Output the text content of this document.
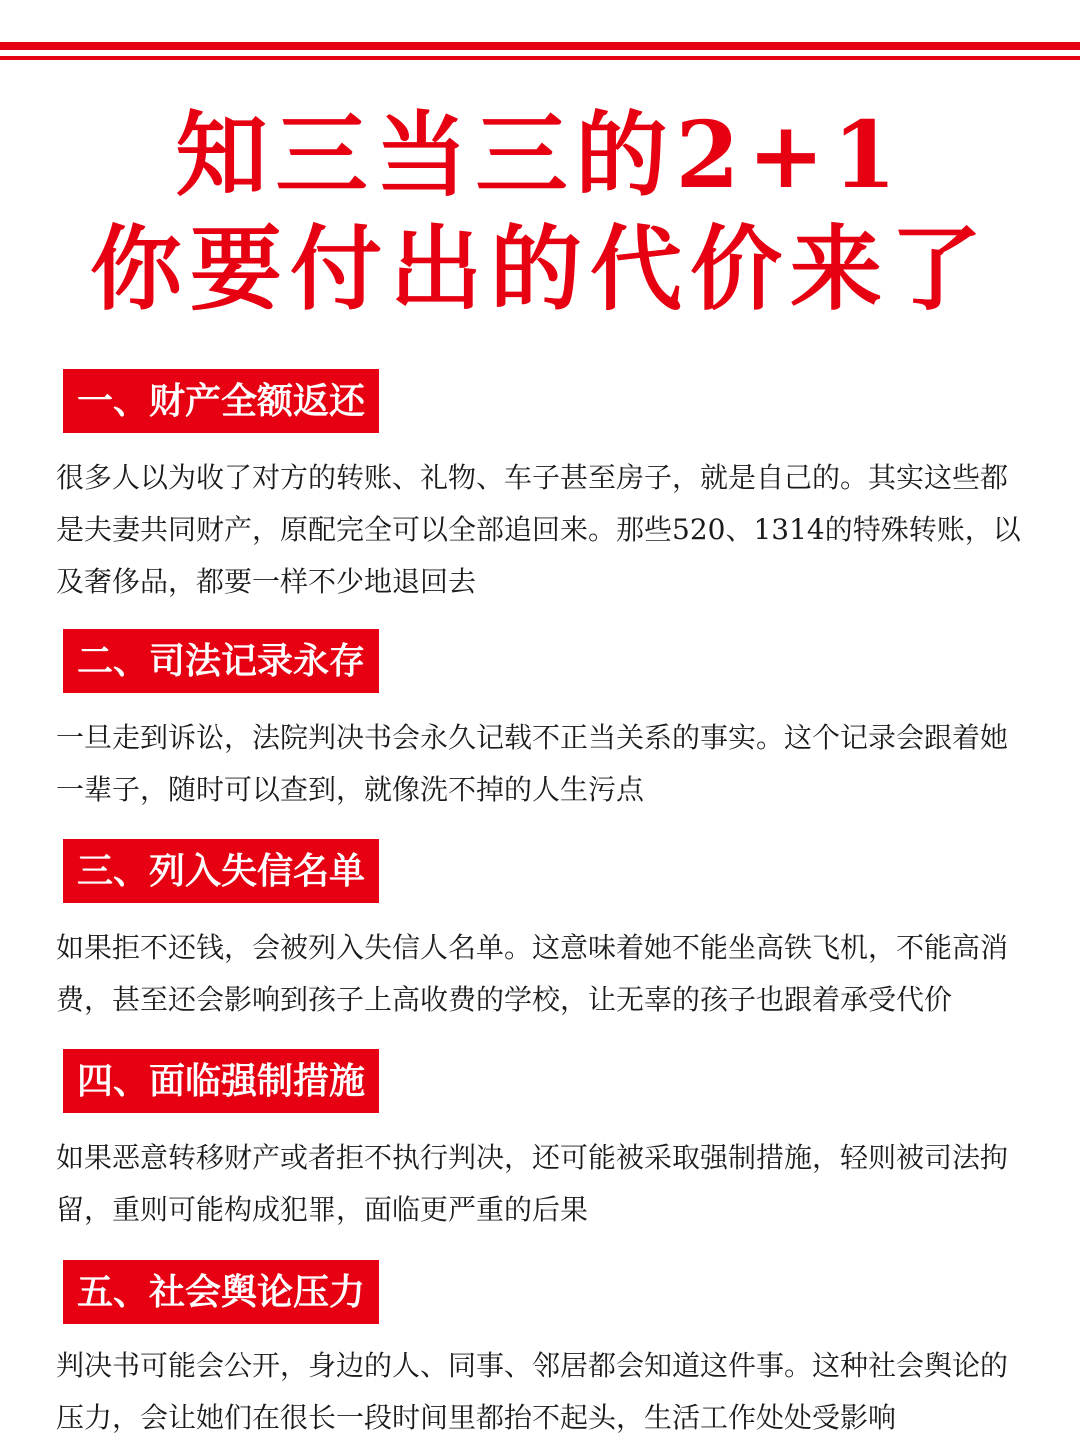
知三当三的2+1
你要付出的代价来了
一、财产全额返还
很多人以为收了对方的转账、礼物、车子甚至房子，就是自己的。其实这些都是夫妻共同财产，原配完全可以全部追回来。那些520、1314的特殊转账，以及奢侈品，都要一样不少地退回去
二、司法记录永存
一旦走到诉讼，法院判决书会永久记载不正当关系的事实。这个记录会跟着她一辈子，随时可以查到，就像洗不掉的人生污点
三、列入失信名单
如果拒不还钱，会被列入失信人名单。这意味着她不能坐高铁飞机，不能高消费，甚至还会影响到孩子上高收费的学校，让无辜的孩子也跟着承受代价
四、面临强制措施
如果恶意转移财产或者拒不执行判决，还可能被采取强制措施，轻则被司法拘留，重则可能构成犯罪，面临更严重的后果
五、社会舆论压力
判决书可能会公开，身边的人、同事、邻居都会知道这件事。这种社会舆论的压力，会让她们在很长一段时间里都抬不起头，生活工作处处受影响
